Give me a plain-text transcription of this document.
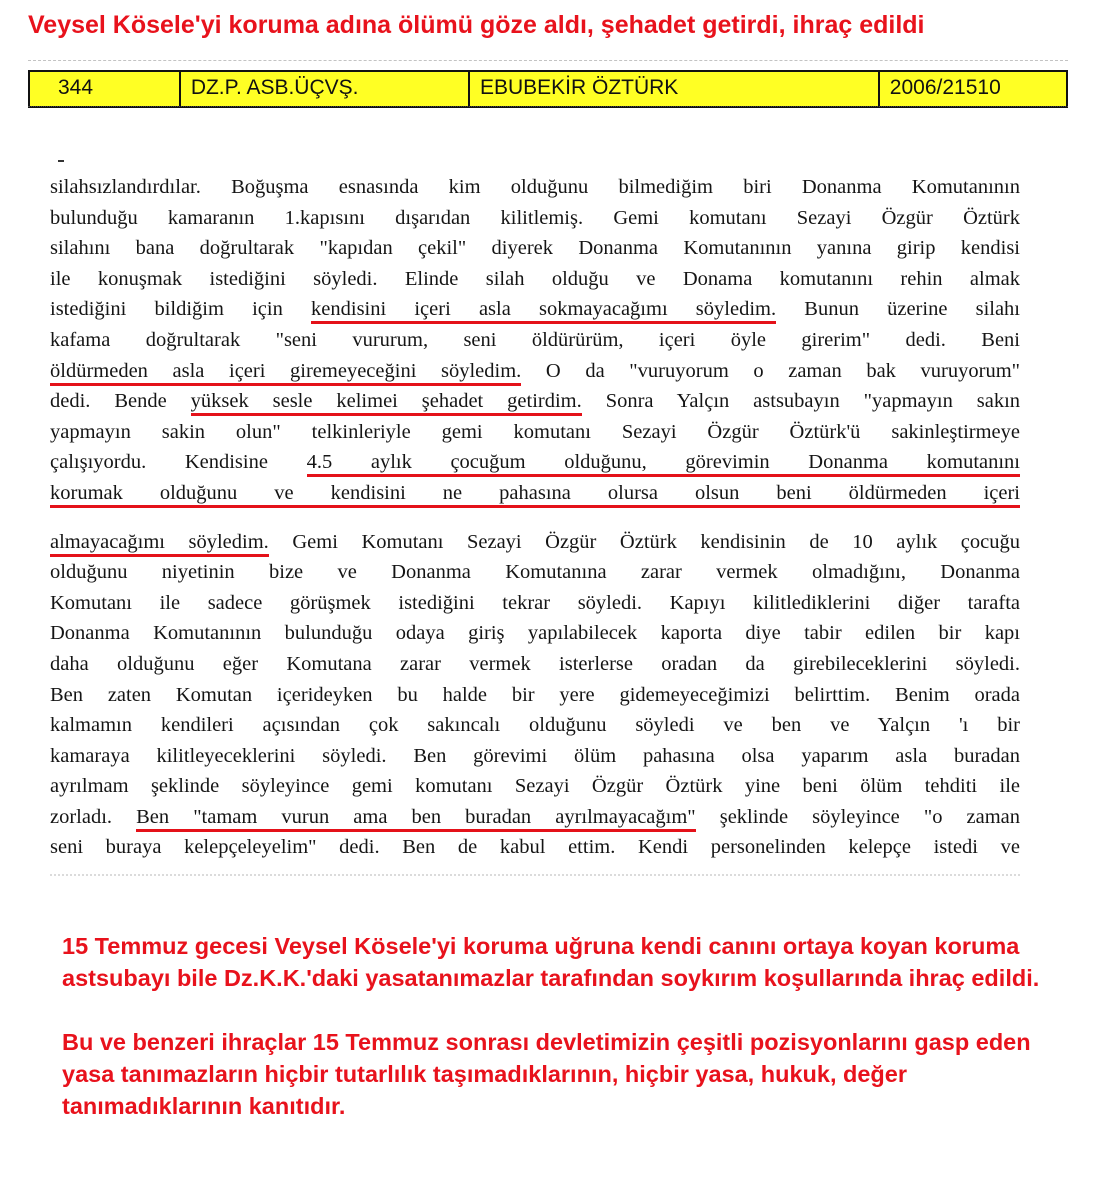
Veysel Kösele'yi koruma adına ölümü göze aldı, şehadet getirdi, ihraç edildi
344	DZ.P. ASB.ÜÇVŞ.	EBUBEKİR ÖZTÜRK	2006/21510
silahsızlandırdılar. Boğuşma esnasında kim olduğunu bilmediğim biri Donanma Komutanının
bulunduğu kamaranın 1.kapısını dışarıdan kilitlemiş. Gemi komutanı Sezayi Özgür Öztürk
silahını bana doğrultarak "kapıdan çekil" diyerek Donanma Komutanının yanına girip kendisi
ile konuşmak istediğini söyledi. Elinde silah olduğu ve Donama komutanını rehin almak
istediğini bildiğim için kendisini içeri asla sokmayacağımı söyledim. Bunun üzerine silahı
kafama doğrultarak "seni vururum, seni öldürürüm, içeri öyle girerim" dedi. Beni
öldürmeden asla içeri giremeyeceğini söyledim. O da "vuruyorum o zaman bak vuruyorum"
dedi. Bende yüksek sesle kelimei şehadet getirdim. Sonra Yalçın astsubayın "yapmayın sakın
yapmayın sakin olun" telkinleriyle gemi komutanı Sezayi Özgür Öztürk'ü sakinleştirmeye
çalışıyordu. Kendisine 4.5 aylık çocuğum olduğunu, görevimin Donanma komutanını
korumak olduğunu ve kendisini ne pahasına olursa olsun beni öldürmeden içeri
almayacağımı söyledim. Gemi Komutanı Sezayi Özgür Öztürk kendisinin de 10 aylık çocuğu
olduğunu niyetinin bize ve Donanma Komutanına zarar vermek olmadığını, Donanma
Komutanı ile sadece görüşmek istediğini tekrar söyledi. Kapıyı kilitlediklerini diğer tarafta
Donanma Komutanının bulunduğu odaya giriş yapılabilecek kaporta diye tabir edilen bir kapı
daha olduğunu eğer Komutana zarar vermek isterlerse oradan da girebileceklerini söyledi.
Ben zaten Komutan içerideyken bu halde bir yere gidemeyeceğimizi belirttim. Benim orada
kalmamın kendileri açısından çok sakıncalı olduğunu söyledi ve ben ve Yalçın 'ı bir
kamaraya kilitleyeceklerini söyledi. Ben görevimi ölüm pahasına olsa yaparım asla buradan
ayrılmam şeklinde söyleyince gemi komutanı Sezayi Özgür Öztürk yine beni ölüm tehditi ile
zorladı. Ben "tamam vurun ama ben buradan ayrılmayacağım" şeklinde söyleyince "o zaman
seni buraya kelepçeleyelim" dedi. Ben de kabul ettim. Kendi personelinden kelepçe istedi ve

15 Temmuz gecesi Veysel Kösele'yi koruma uğruna kendi canını ortaya koyan koruma astsubayı bile Dz.K.K.'daki yasatanımazlar tarafından soykırım koşullarında ihraç edildi.

Bu ve benzeri ihraçlar 15 Temmuz sonrası devletimizin çeşitli pozisyonlarını gasp eden yasa tanımazların hiçbir tutarlılık taşımadıklarının, hiçbir yasa, hukuk, değer tanımadıklarının kanıtıdır.
